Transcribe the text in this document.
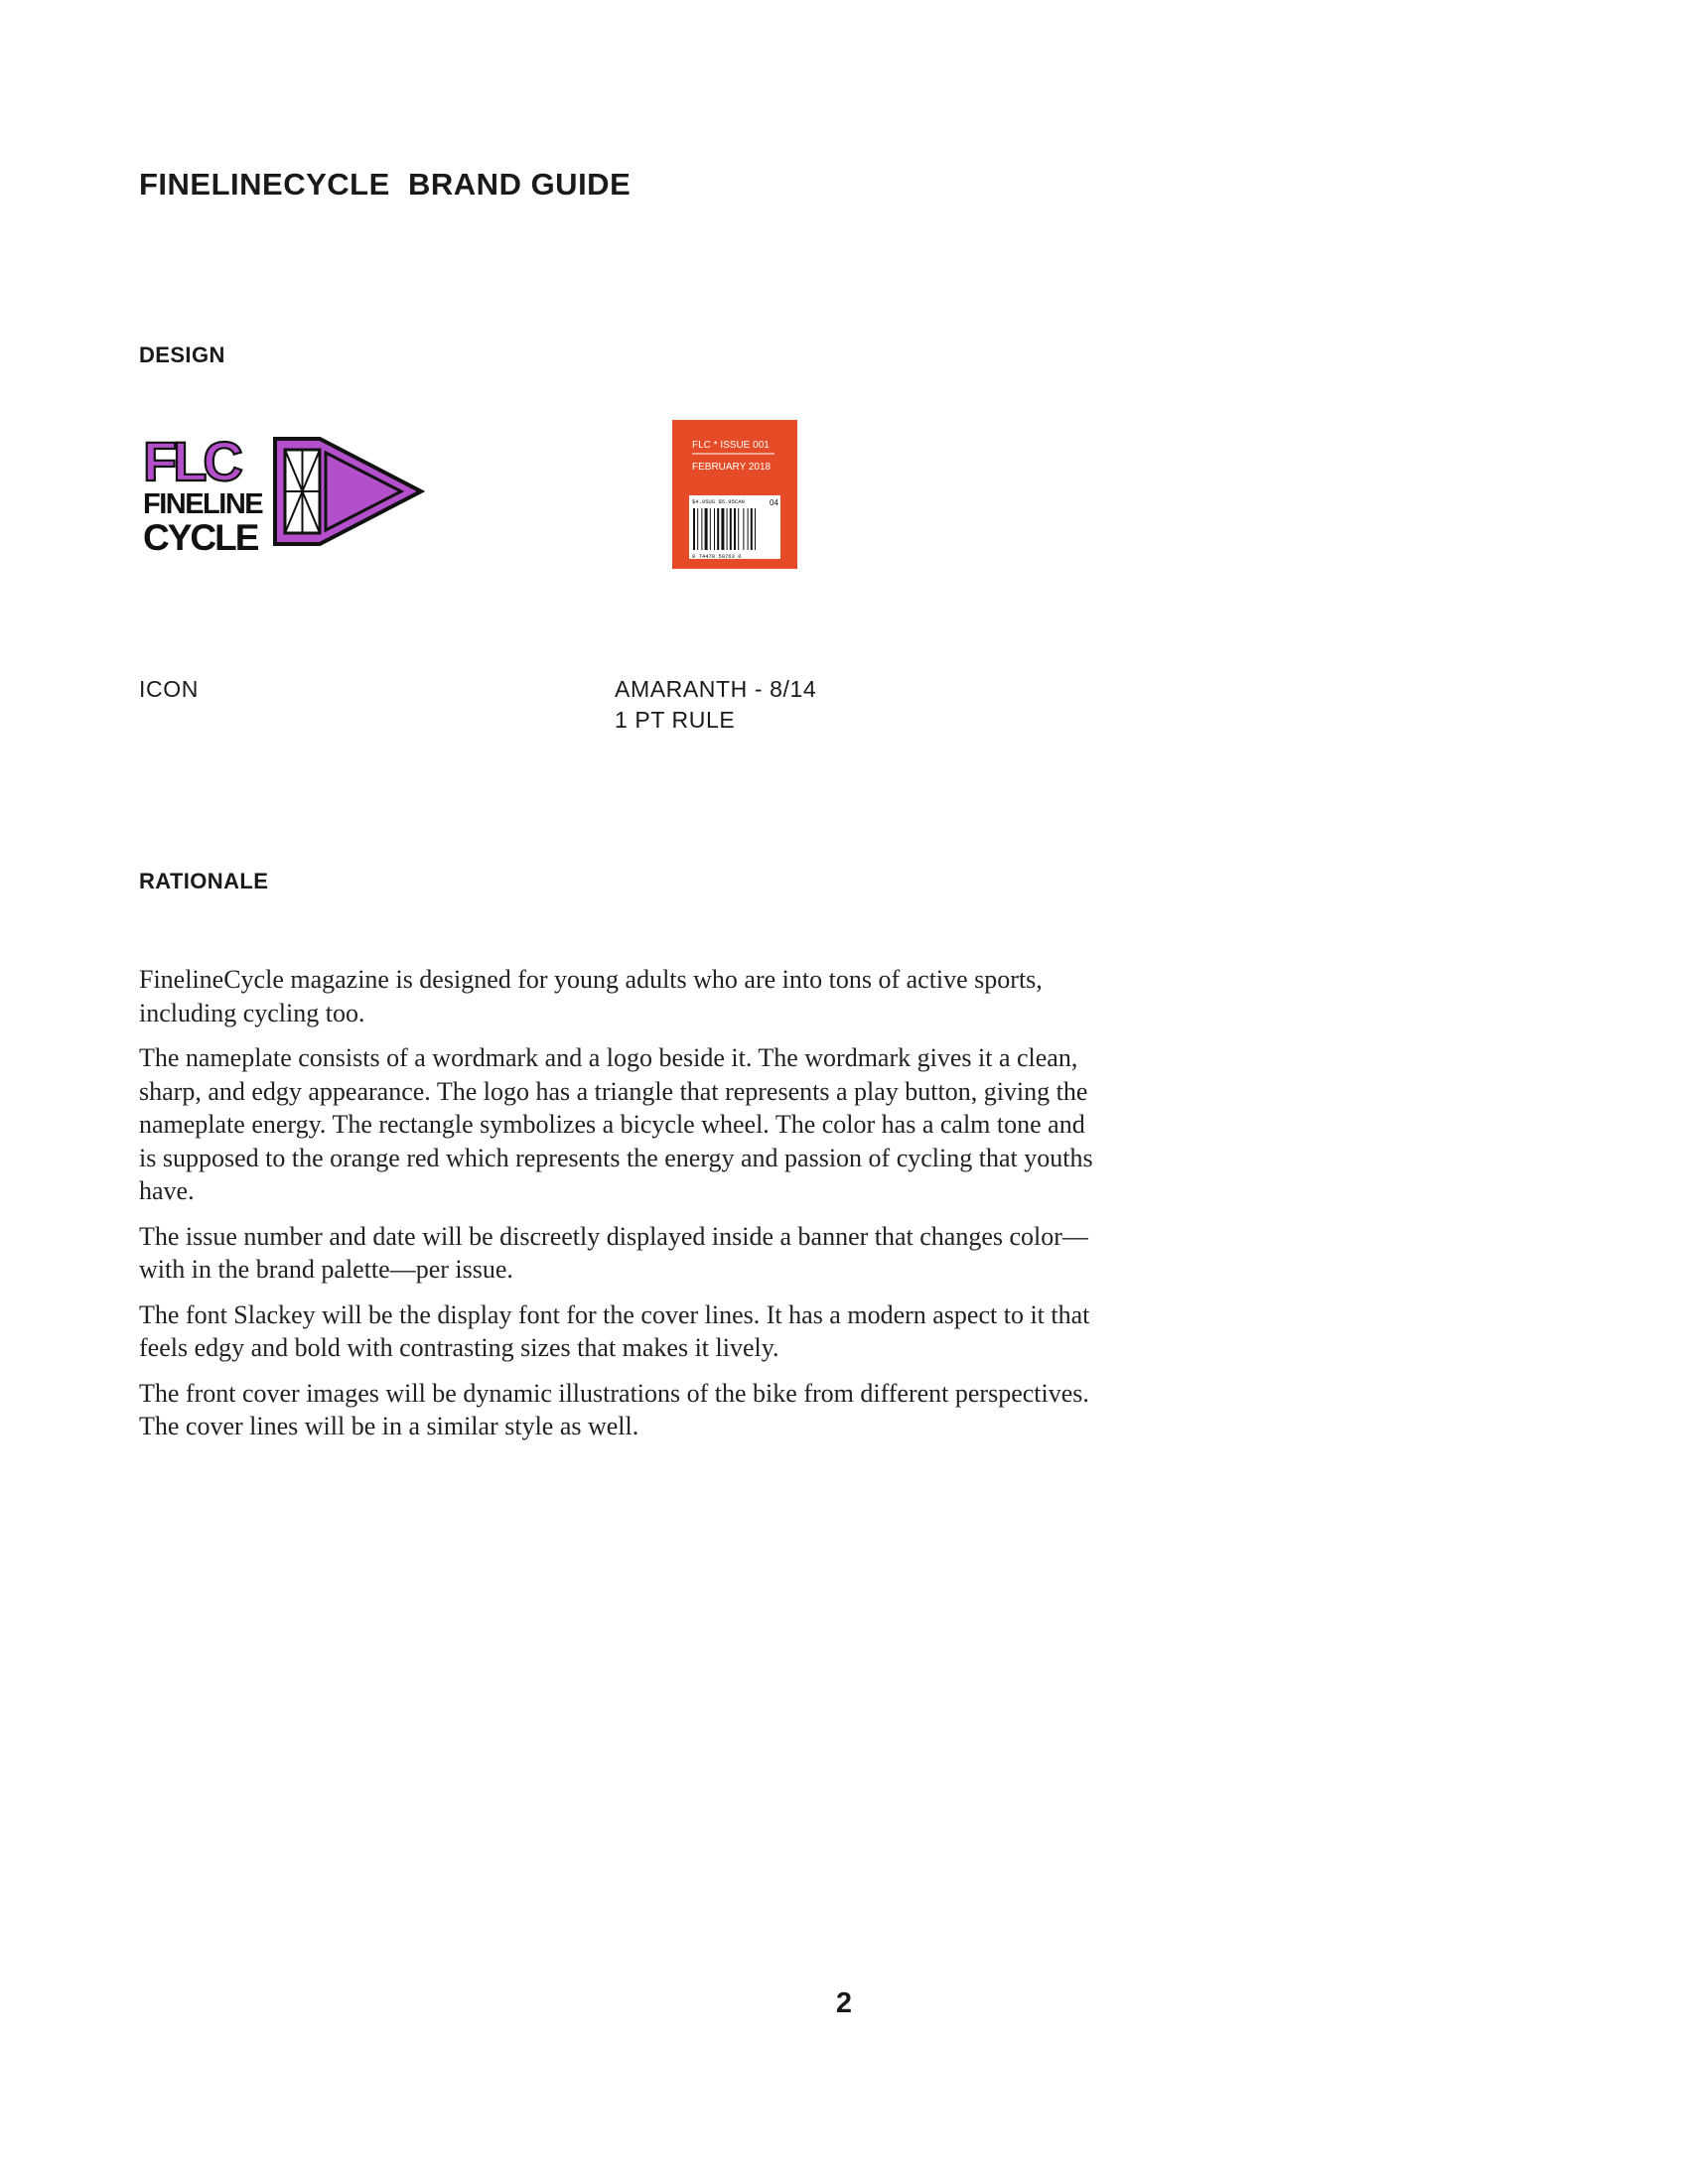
FINELINECYCLE  BRAND GUIDE
DESIGN
FLC
FINELINE
CYCLE
FLC * ISSUE 001
FEBRUARY 2018
$4.95US $5.95CAN	04
0 74470 50763 0
ICON	AMARANTH - 8/14
1 PT RULE
RATIONALE

FinelineCycle magazine is designed for young adults who are into tons of active sports, including cycling too.

The nameplate consists of a wordmark and a logo beside it. The wordmark gives it a clean, sharp, and edgy appearance. The logo has a triangle that represents a play button, giving the nameplate energy. The rectangle symbolizes a bicycle wheel. The color has a calm tone and is supposed to the orange red which represents the energy and passion of cycling that youths have.

The issue number and date will be discreetly displayed inside a banner that changes color—with in the brand palette—per issue.

The font Slackey will be the display font for the cover lines. It has a modern aspect to it that feels edgy and bold with contrasting sizes that makes it lively.

The front cover images will be dynamic illustrations of the bike from different perspectives. The cover lines will be in a similar style as well.

2
